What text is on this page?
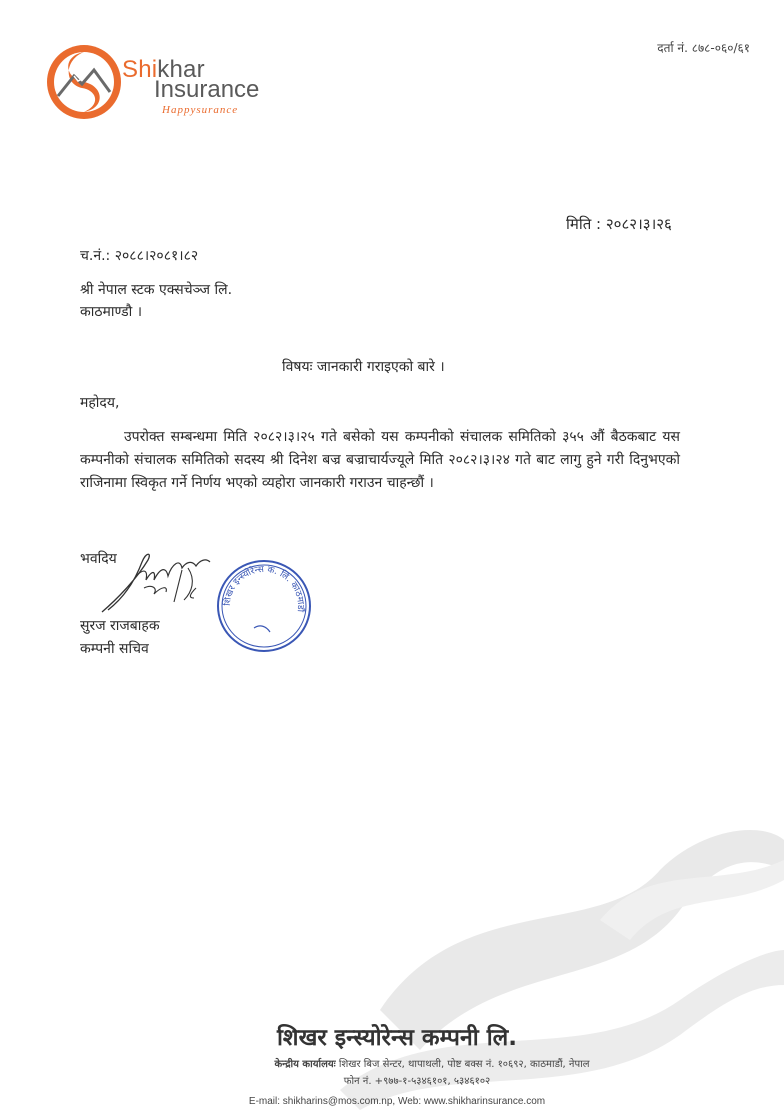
Shikhar
Insurance
Happysurance
दर्ता नं. ८७८-०६०/६१
मिति : २०८२।३।२६
च.नं.: २०८८।२०८१।८२
श्री नेपाल स्टक एक्सचेञ्ज लि.
काठमाण्डौ ।
विषयः जानकारी गराइएको बारे ।
महोदय,
उपरोक्त सम्बन्धमा मिति २०८२।३।२५ गते बसेको यस कम्पनीको संचालक समितिको ३५५ औं बैठकबाट यस कम्पनीको संचालक समितिको सदस्य श्री दिनेश बज्र बज्राचार्यज्यूले मिति २०८२।३।२४ गते बाट लागु हुने गरी दिनुभएको राजिनामा स्विकृत गर्ने निर्णय भएको व्यहोरा जानकारी गराउन चाहन्छौं ।
भवदिय
शिखर इन्स्योरेन्स कं. लि. काठमाडौं
सुरज राजबाहक
कम्पनी सचिव
शिखर इन्स्योरेन्स कम्पनी लि.
केन्द्रीय कार्यालयः शिखर बिज सेन्टर, थापाथली, पोष्ट बक्स नं. १०६९२, काठमाडौं, नेपाल
फोन नं. +९७७-१-५३४६१०१, ५३४६१०२
E-mail: shikharins@mos.com.np, Web: www.shikharinsurance.com
